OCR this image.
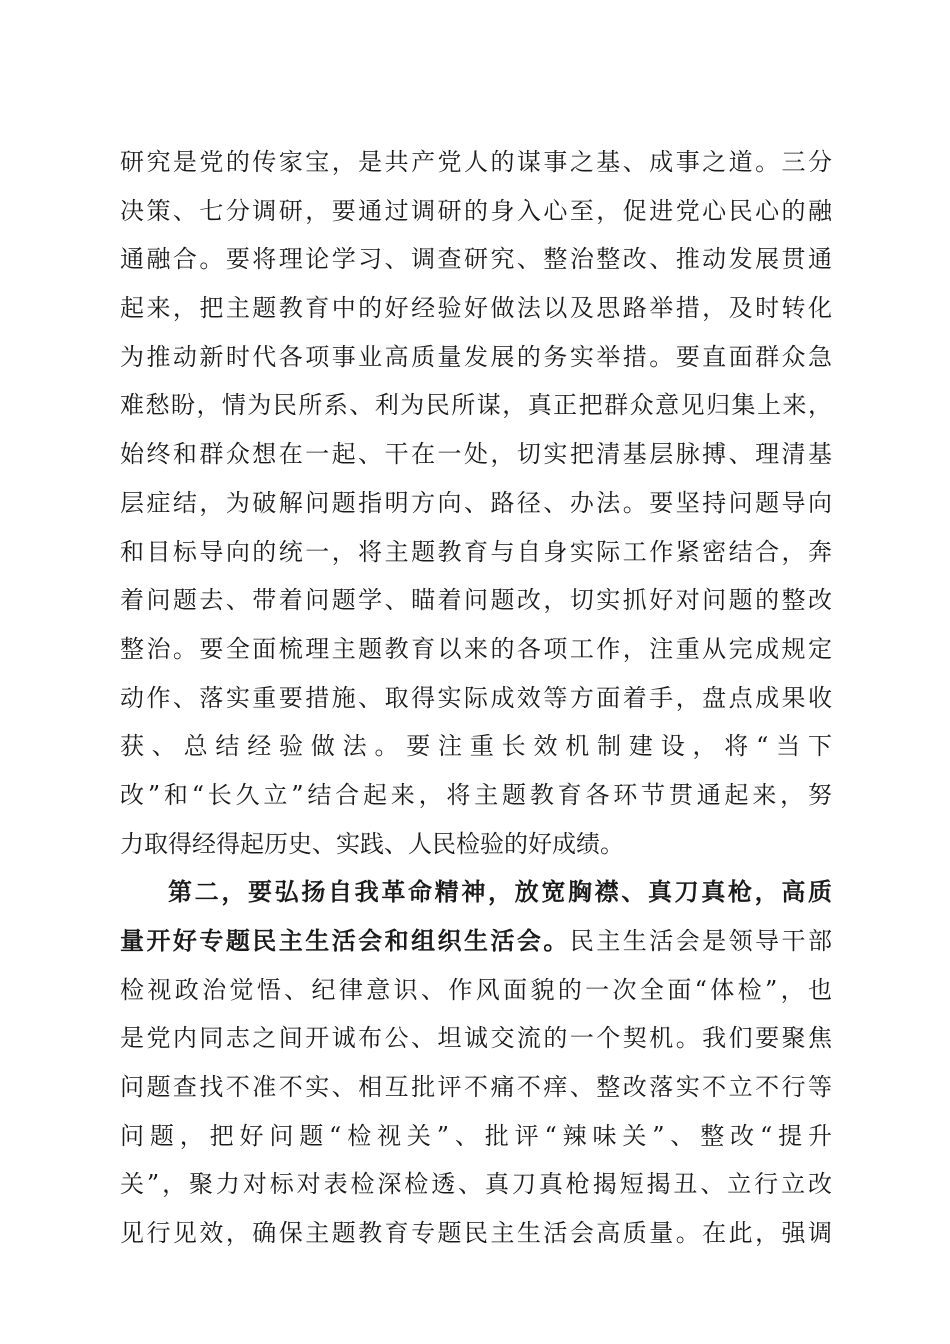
研究是党的传家宝，是共产党人的谋事之基、成事之道。三分
决策、七分调研，要通过调研的身入心至，促进党心民心的融
通融合。要将理论学习、调查研究、整治整改、推动发展贯通
起来，把主题教育中的好经验好做法以及思路举措，及时转化
为推动新时代各项事业高质量发展的务实举措。要直面群众急
难愁盼，情为民所系、利为民所谋，真正把群众意见归集上来，
始终和群众想在一起、干在一处，切实把清基层脉搏、理清基
层症结，为破解问题指明方向、路径、办法。要坚持问题导向
和目标导向的统一，将主题教育与自身实际工作紧密结合，奔
着问题去、带着问题学、瞄着问题改，切实抓好对问题的整改
整治。要全面梳理主题教育以来的各项工作，注重从完成规定
动作、落实重要措施、取得实际成效等方面着手，盘点成果收
获、总结经验做法。要注重长效机制建设，将“当下
改”和“长久立”结合起来，将主题教育各环节贯通起来，努
力取得经得起历史、实践、人民检验的好成绩。
第二，要弘扬自我革命精神，放宽胸襟、真刀真枪，高质
量开好专题民主生活会和组织生活会。民主生活会是领导干部
检视政治觉悟、纪律意识、作风面貌的一次全面“体检”，也
是党内同志之间开诚布公、坦诚交流的一个契机。我们要聚焦
问题查找不准不实、相互批评不痛不痒、整改落实不立不行等
问题，把好问题“检视关”、批评“辣味关”、整改“提升
关”，聚力对标对表检深检透、真刀真枪揭短揭丑、立行立改
见行见效，确保主题教育专题民主生活会高质量。在此，强调
